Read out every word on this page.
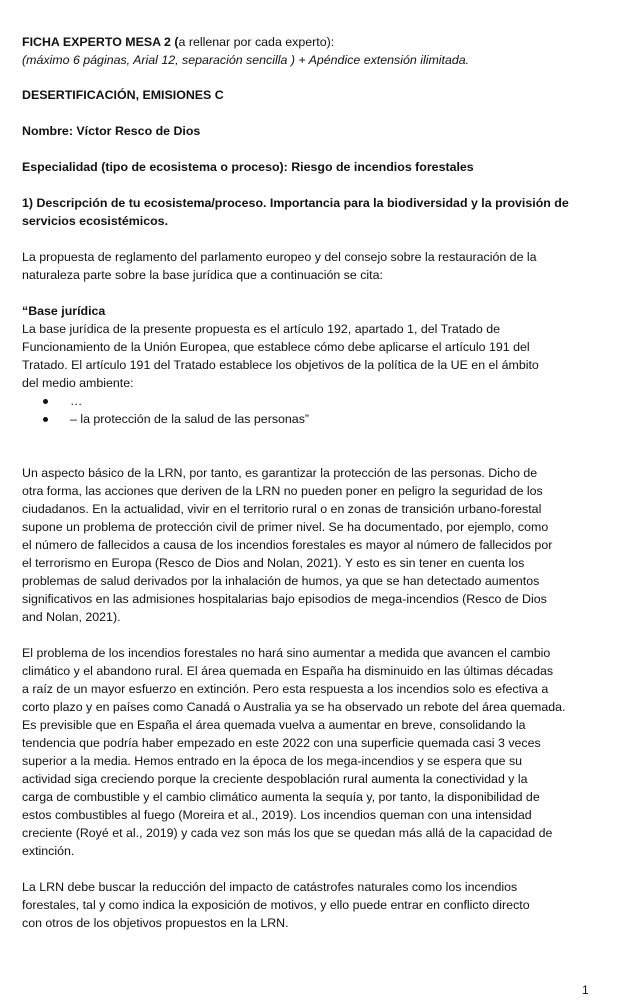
FICHA EXPERTO MESA 2 (a rellenar por cada experto):
(máximo 6 páginas, Arial 12, separación sencilla ) + Apéndice extensión ilimitada.
DESERTIFICACIÓN, EMISIONES C
Nombre: Víctor Resco de Dios
Especialidad (tipo de ecosistema o proceso): Riesgo de incendios forestales
1) Descripción de tu ecosistema/proceso. Importancia para la biodiversidad y la provisión de
servicios ecosistémicos.
La propuesta de reglamento del parlamento europeo y del consejo sobre la restauración de la
naturaleza parte sobre la base jurídica que a continuación se cita:
“Base jurídica
La base jurídica de la presente propuesta es el artículo 192, apartado 1, del Tratado de
Funcionamiento de la Unión Europea, que establece cómo debe aplicarse el artículo 191 del
Tratado. El artículo 191 del Tratado establece los objetivos de la política de la UE en el ámbito
del medio ambiente:
…
– la protección de la salud de las personas”
Un aspecto básico de la LRN, por tanto, es garantizar la protección de las personas. Dicho de
otra forma, las acciones que deriven de la LRN no pueden poner en peligro la seguridad de los
ciudadanos. En la actualidad, vivir en el territorio rural o en zonas de transición urbano-forestal
supone un problema de protección civil de primer nivel. Se ha documentado, por ejemplo, como
el número de fallecidos a causa de los incendios forestales es mayor al número de fallecidos por
el terrorismo en Europa (Resco de Dios and Nolan, 2021). Y esto es sin tener en cuenta los
problemas de salud derivados por la inhalación de humos, ya que se han detectado aumentos
significativos en las admisiones hospitalarias bajo episodios de mega-incendios (Resco de Dios
and Nolan, 2021).
El problema de los incendios forestales no hará sino aumentar a medida que avancen el cambio
climático y el abandono rural. El área quemada en España ha disminuido en las últimas décadas
a raíz de un mayor esfuerzo en extinción. Pero esta respuesta a los incendios solo es efectiva a
corto plazo y en países como Canadá o Australia ya se ha observado un rebote del área quemada.
Es previsible que en España el área quemada vuelva a aumentar en breve, consolidando la
tendencia que podría haber empezado en este 2022 con una superficie quemada casi 3 veces
superior a la media. Hemos entrado en la época de los mega-incendios y se espera que su
actividad siga creciendo porque la creciente despoblación rural aumenta la conectividad y la
carga de combustible y el cambio climático aumenta la sequía y, por tanto, la disponibilidad de
estos combustibles al fuego (Moreira et al., 2019). Los incendios queman con una intensidad
creciente (Royé et al., 2019) y cada vez son más los que se quedan más allá de la capacidad de
extinción.
La LRN debe buscar la reducción del impacto de catástrofes naturales como los incendios
forestales, tal y como indica la exposición de motivos, y ello puede entrar en conflicto directo
con otros de los objetivos propuestos en la LRN.
1
